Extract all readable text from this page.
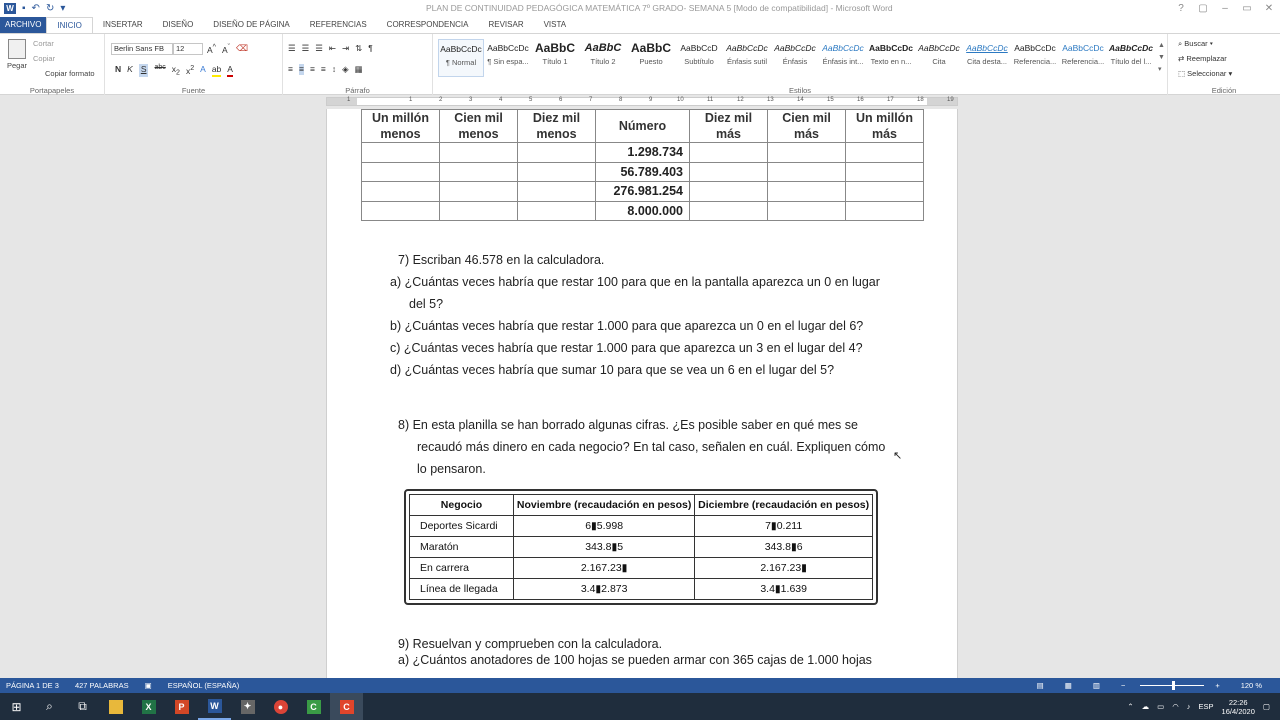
W ▪ ↶ ↻ ▾	PLAN DE CONTINUIDAD PEDAGÓGICA MATEMÁTICA 7º GRADO- SEMANA 5 [Modo de compatibilidad] - Microsoft Word	?	▢	–	▭	✕
ARCHIVO	INICIO	INSERTAR	DISEÑO	DISEÑO DE PÁGINA	REFERENCIAS	CORRESPONDENCIA	REVISAR	VISTA
Pegar
Cortar
Copiar
Copiar formato
Portapapeles
Berlin Sans FB	12	A^ $A^ˇ$ ⌫
N K S abc $x_2$ $x^2$ A ab A
Fuente
☰ ☰ ☰ ⇤ ⇥ ⇅ ¶
≡ ≡ ≡ ≡ ↕ ◈ ▦
Párrafo
AaBbCcDc
¶ Normal
AaBbCcDc
¶ Sin espa...
AaBbC
Título 1
AaBbC
Título 2
AaBbC
Puesto
AaBbCcD
Subtítulo
AaBbCcDc
Énfasis sutil
AaBbCcDc
Énfasis
AaBbCcDc
Énfasis int...
AaBbCcDc
Texto en n...
AaBbCcDc
Cita
AaBbCcDc
Cita desta...
AaBbCcDc
Referencia...
AaBbCcDc
Referencia...
AaBbCcDc
Título del l...
▲
▼
▾
Estilos
⌕ Buscar ▾
⇄ Reemplazar
⬚ Seleccionar ▾
Edición
1	1	2	3	4	5	6	7	8	9	10	11	12	13	14	15	16	17	18	19
Un millón
menos	Cien mil
menos	Diez mil
menos	Número	Diez mil
más	Cien mil
más	Un millón
más
			1.298.734			
			56.789.403			
			276.981.254			
			8.000.000			
7) Escriban 46.578 en la calculadora.
a) ¿Cuántas veces habría que restar 100 para que en la pantalla aparezca un 0 en lugar
del 5?
b) ¿Cuántas veces habría que restar 1.000 para que aparezca un 0 en el lugar del 6?
c) ¿Cuántas veces habría que restar 1.000 para que aparezca un 3 en el lugar del 4?
d) ¿Cuántas veces habría que sumar 10 para que se vea un 6 en el lugar del 5?
8) En esta planilla se han borrado algunas cifras. ¿Es posible saber en qué mes se
recaudó más dinero en cada negocio? En tal caso, señalen en cuál. Expliquen cómo
lo pensaron.
↖
Negocio	Noviembre (recaudación en pesos)	Diciembre (recaudación en pesos)
Deportes Sicardi	6▮5.998	7▮0.211
Maratón	343.8▮5	343.8▮6
En carrera	2.167.23▮	2.167.23▮
Línea de llegada	3.4▮2.873	3.4▮1.639
9) Resuelvan y comprueben con la calculadora.
a) ¿Cuántos anotadores de 100 hojas se pueden armar con 365 cajas de 1.000 hojas
PÁGINA 1 DE 3 427 PALABRAS ▣ ESPAÑOL (ESPAÑA)	▤	▦	▥	−	+	120 %
⊞	⌕	⧉	X	P	W	✦	●	C	C	⌃ ☁ ▭ ◠ ♪ ESP	22:26
16/4/2020 ▢
